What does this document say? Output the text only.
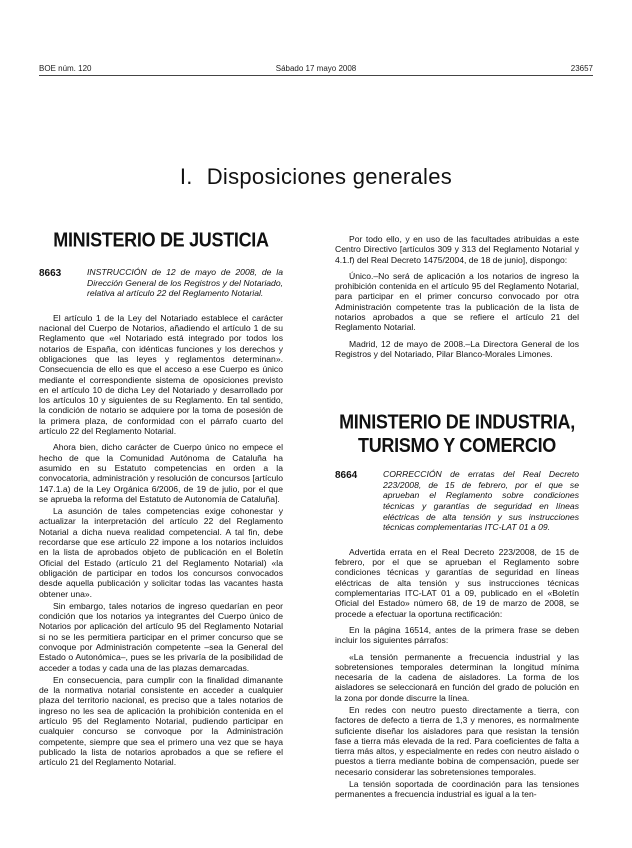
BOE núm. 120	Sábado 17 mayo 2008	23657
I. Disposiciones generales
MINISTERIO DE JUSTICIA
8663	INSTRUCCIÓN de 12 de mayo de 2008, de la Dirección General de los Registros y del Notariado, relativa al artículo 22 del Reglamento Notarial.

El artículo 1 de la Ley del Notariado establece el carácter nacional del Cuerpo de Notarios, añadiendo el artículo 1 de su Reglamento que «el Notariado está integrado por todos los notarios de España, con idénticas funciones y los derechos y obligaciones que las leyes y reglamentos determinan». Consecuencia de ello es que el acceso a ese Cuerpo es único mediante el correspondiente sistema de oposiciones previsto en el artículo 10 de dicha Ley del Notariado y desarrollado por los artículos 10 y siguientes de su Reglamento. En tal sentido, la condición de notario se adquiere por la toma de posesión de la primera plaza, de conformidad con el párrafo cuarto del artículo 22 del Reglamento Notarial.

Ahora bien, dicho carácter de Cuerpo único no empece el hecho de que la Comunidad Autónoma de Cataluña ha asumido en su Estatuto competencias en orden a la convocatoria, administración y resolución de concursos [artículo 147.1.a) de la Ley Orgánica 6/2006, de 19 de julio, por el que se aprueba la reforma del Estatuto de Autonomía de Cataluña].

La asunción de tales competencias exige cohonestar y actualizar la interpretación del artículo 22 del Reglamento Notarial a dicha nueva realidad competencial. A tal fin, debe recordarse que ese artículo 22 impone a los notarios incluidos en la lista de aprobados objeto de publicación en el Boletín Oficial del Estado (artículo 21 del Reglamento Notarial) «la obligación de participar en todos los concursos convocados desde aquella publicación y solicitar todas las vacantes hasta obtener una».

Sin embargo, tales notarios de ingreso quedarían en peor condición que los notarios ya integrantes del Cuerpo único de Notarios por aplicación del artículo 95 del Reglamento Notarial si no se les permitiera participar en el primer concurso que se convoque por Administración competente –sea la General del Estado o Autonómica–, pues se les privaría de la posibilidad de acceder a todas y cada una de las plazas demarcadas.

En consecuencia, para cumplir con la finalidad dimanante de la normativa notarial consistente en acceder a cualquier plaza del territorio nacional, es preciso que a tales notarios de ingreso no les sea de aplicación la prohibición contenida en el artículo 95 del Reglamento Notarial, pudiendo participar en cualquier concurso se convoque por la Administración competente, siempre que sea el primero una vez que se haya publicado la lista de notarios aprobados a que se refiere el artículo 21 del Reglamento Notarial.

Por todo ello, y en uso de las facultades atribuidas a este Centro Directivo [artículos 309 y 313 del Reglamento Notarial y 4.1.f) del Real Decreto 1475/2004, de 18 de junio], dispongo:

Único.–No será de aplicación a los notarios de ingreso la prohibición contenida en el artículo 95 del Reglamento Notarial, para participar en el primer concurso convocado por otra Administración competente tras la publicación de la lista de notarios aprobados a que se refiere el artículo 21 del Reglamento Notarial.

Madrid, 12 de mayo de 2008.–La Directora General de los Registros y del Notariado, Pilar Blanco-Morales Limones.

MINISTERIO DE INDUSTRIA,
TURISMO Y COMERCIO
8664	CORRECCIÓN de erratas del Real Decreto 223/2008, de 15 de febrero, por el que se aprueban el Reglamento sobre condiciones técnicas y garantías de seguridad en líneas eléctricas de alta tensión y sus instrucciones técnicas complementarias ITC-LAT 01 a 09.

Advertida errata en el Real Decreto 223/2008, de 15 de febrero, por el que se aprueban el Reglamento sobre condiciones técnicas y garantías de seguridad en líneas eléctricas de alta tensión y sus instrucciones técnicas complementarias ITC-LAT 01 a 09, publicado en el «Boletín Oficial del Estado» número 68, de 19 de marzo de 2008, se procede a efectuar la oportuna rectificación:

En la página 16514, antes de la primera frase se deben incluir los siguientes párrafos:

«La tensión permanente a frecuencia industrial y las sobretensiones temporales determinan la longitud mínima necesaria de la cadena de aisladores. La forma de los aisladores se seleccionará en función del grado de polución en la zona por donde discurre la línea.

En redes con neutro puesto directamente a tierra, con factores de defecto a tierra de 1,3 y menores, es normalmente suficiente diseñar los aisladores para que resistan la tensión fase a tierra más elevada de la red. Para coeficientes de falta a tierra más altos, y especialmente en redes con neutro aislado o puestos a tierra mediante bobina de compensación, puede ser necesario considerar las sobretensiones temporales.

La tensión soportada de coordinación para las tensiones permanentes a frecuencia industrial es igual a la ten-
